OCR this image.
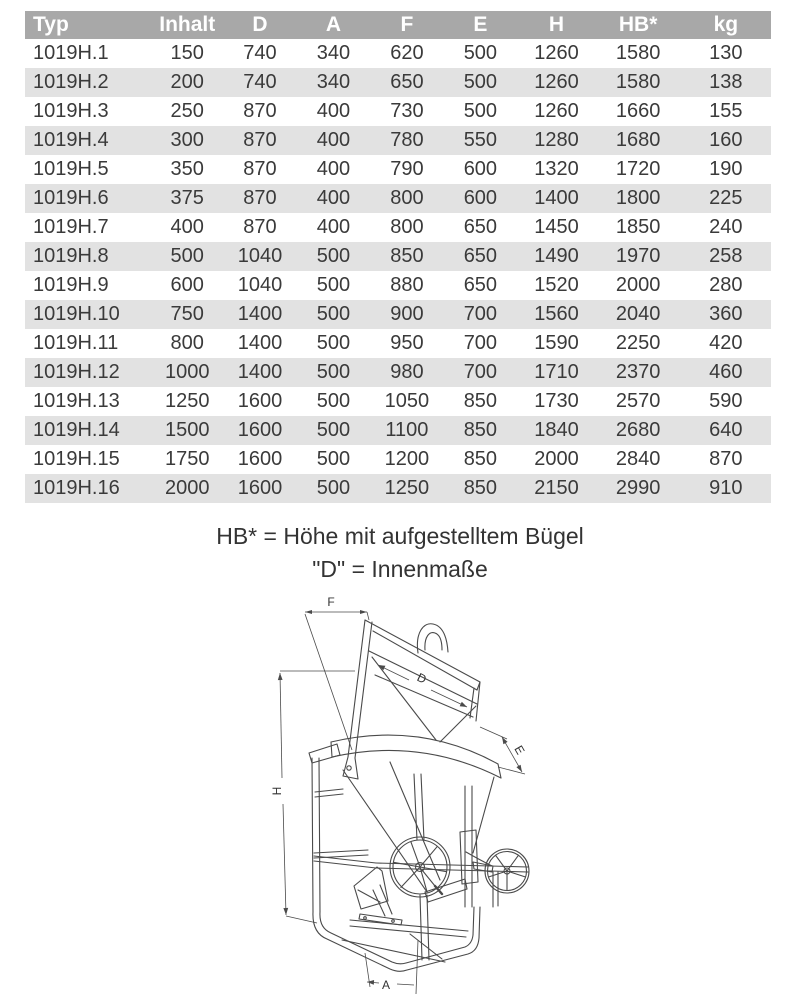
Typ	Inhalt	D	A	F	E	H	HB*	kg
1019H.1	150	740	340	620	500	1260	1580	130
1019H.2	200	740	340	650	500	1260	1580	138
1019H.3	250	870	400	730	500	1260	1660	155
1019H.4	300	870	400	780	550	1280	1680	160
1019H.5	350	870	400	790	600	1320	1720	190
1019H.6	375	870	400	800	600	1400	1800	225
1019H.7	400	870	400	800	650	1450	1850	240
1019H.8	500	1040	500	850	650	1490	1970	258
1019H.9	600	1040	500	880	650	1520	2000	280
1019H.10	750	1400	500	900	700	1560	2040	360
1019H.11	800	1400	500	950	700	1590	2250	420
1019H.12	1000	1400	500	980	700	1710	2370	460
1019H.13	1250	1600	500	1050	850	1730	2570	590
1019H.14	1500	1600	500	1100	850	1840	2680	640
1019H.15	1750	1600	500	1200	850	2000	2840	870
1019H.16	2000	1600	500	1250	850	2150	2990	910
HB* = Höhe mit aufgestelltem Bügel
"D" = Innenmaße
F
H
D
E
A
